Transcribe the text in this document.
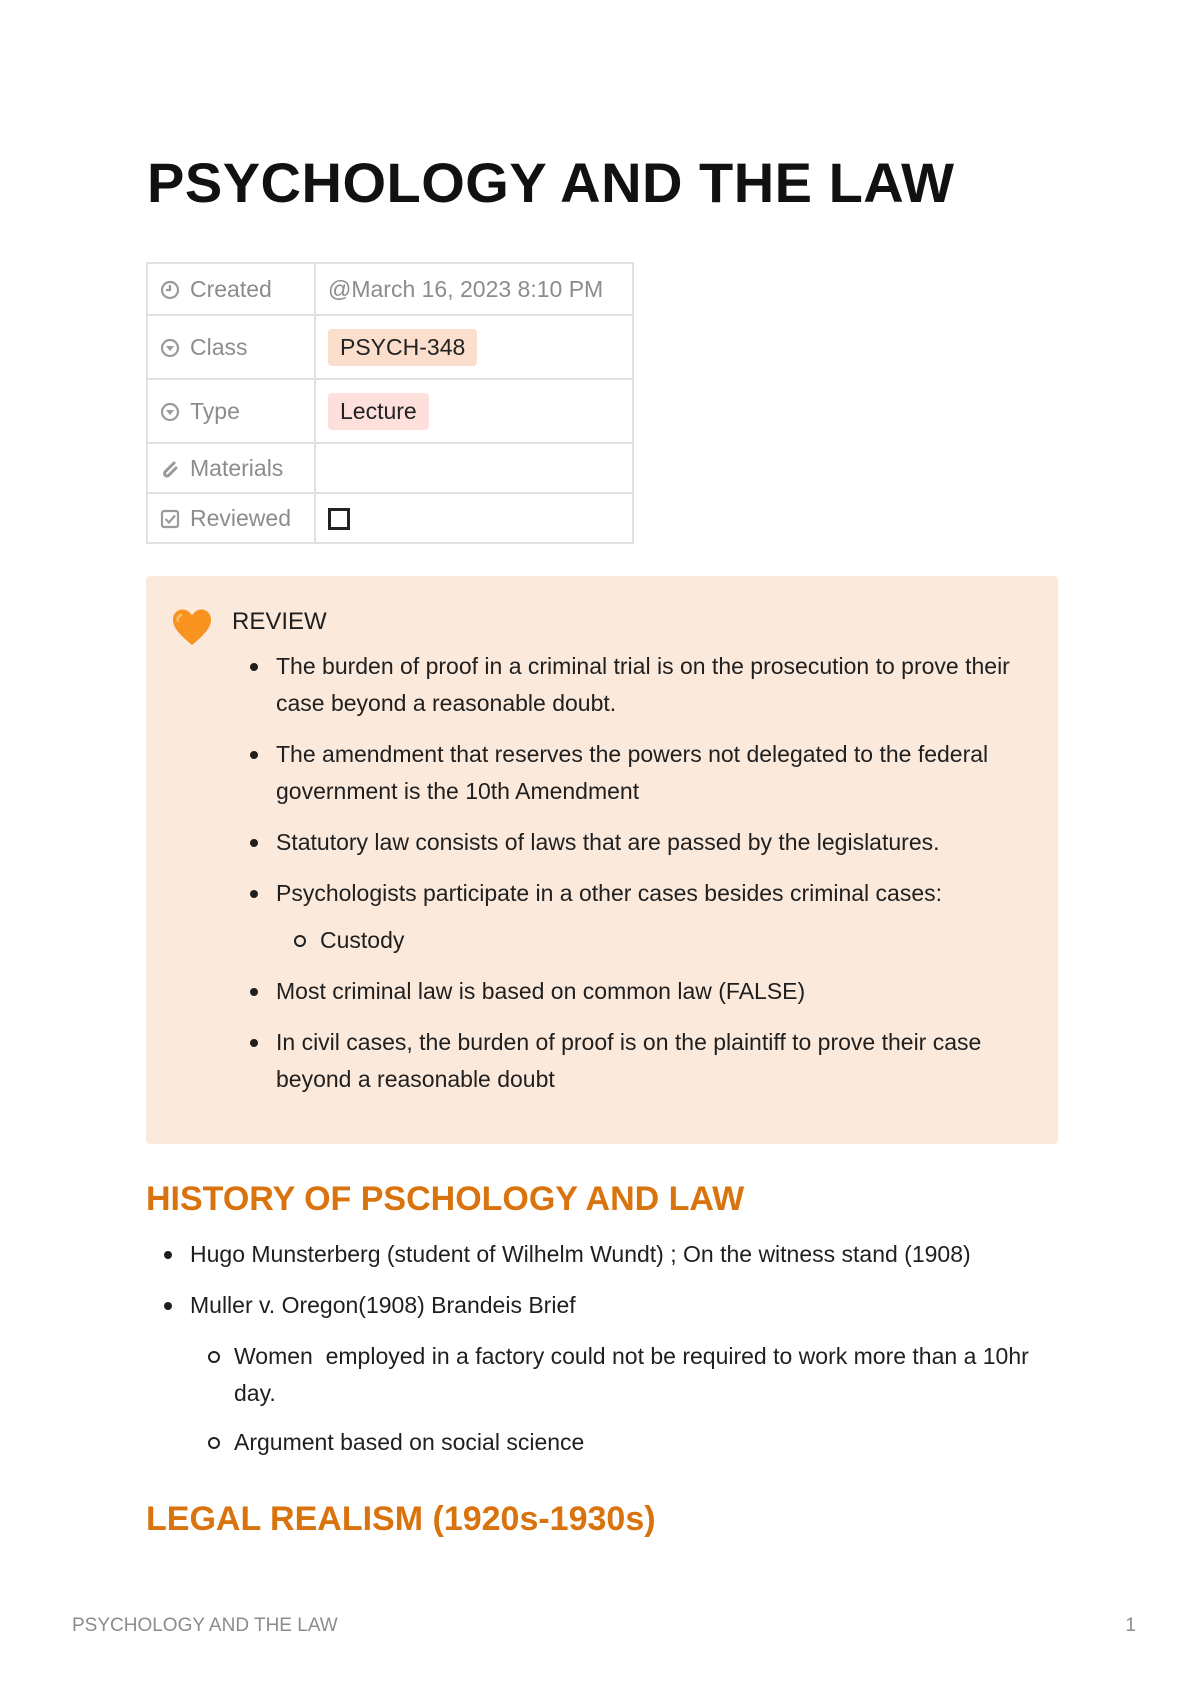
PSYCHOLOGY AND THE LAW
Created	@March 16, 2023 8:10 PM
Class	PSYCH-348
Type	Lecture
Materials	
Reviewed	
REVIEW
The burden of proof in a criminal trial is on the prosecution to prove their case beyond a reasonable doubt.
The amendment that reserves the powers not delegated to the federal government is the 10th Amendment
Statutory law consists of laws that are passed by the legislatures.
Psychologists participate in a other cases besides criminal cases:
Custody
Most criminal law is based on common law (FALSE)
In civil cases, the burden of proof is on the plaintiff to prove their case beyond a reasonable doubt
HISTORY OF PSCHOLOGY AND LAW
Hugo Munsterberg (student of Wilhelm Wundt) ; On the witness stand (1908)
Muller v. Oregon(1908) Brandeis Brief
Women  employed in a factory could not be required to work more than a 10hr day.
Argument based on social science
LEGAL REALISM (1920s-1930s)
PSYCHOLOGY AND THE LAW	1
